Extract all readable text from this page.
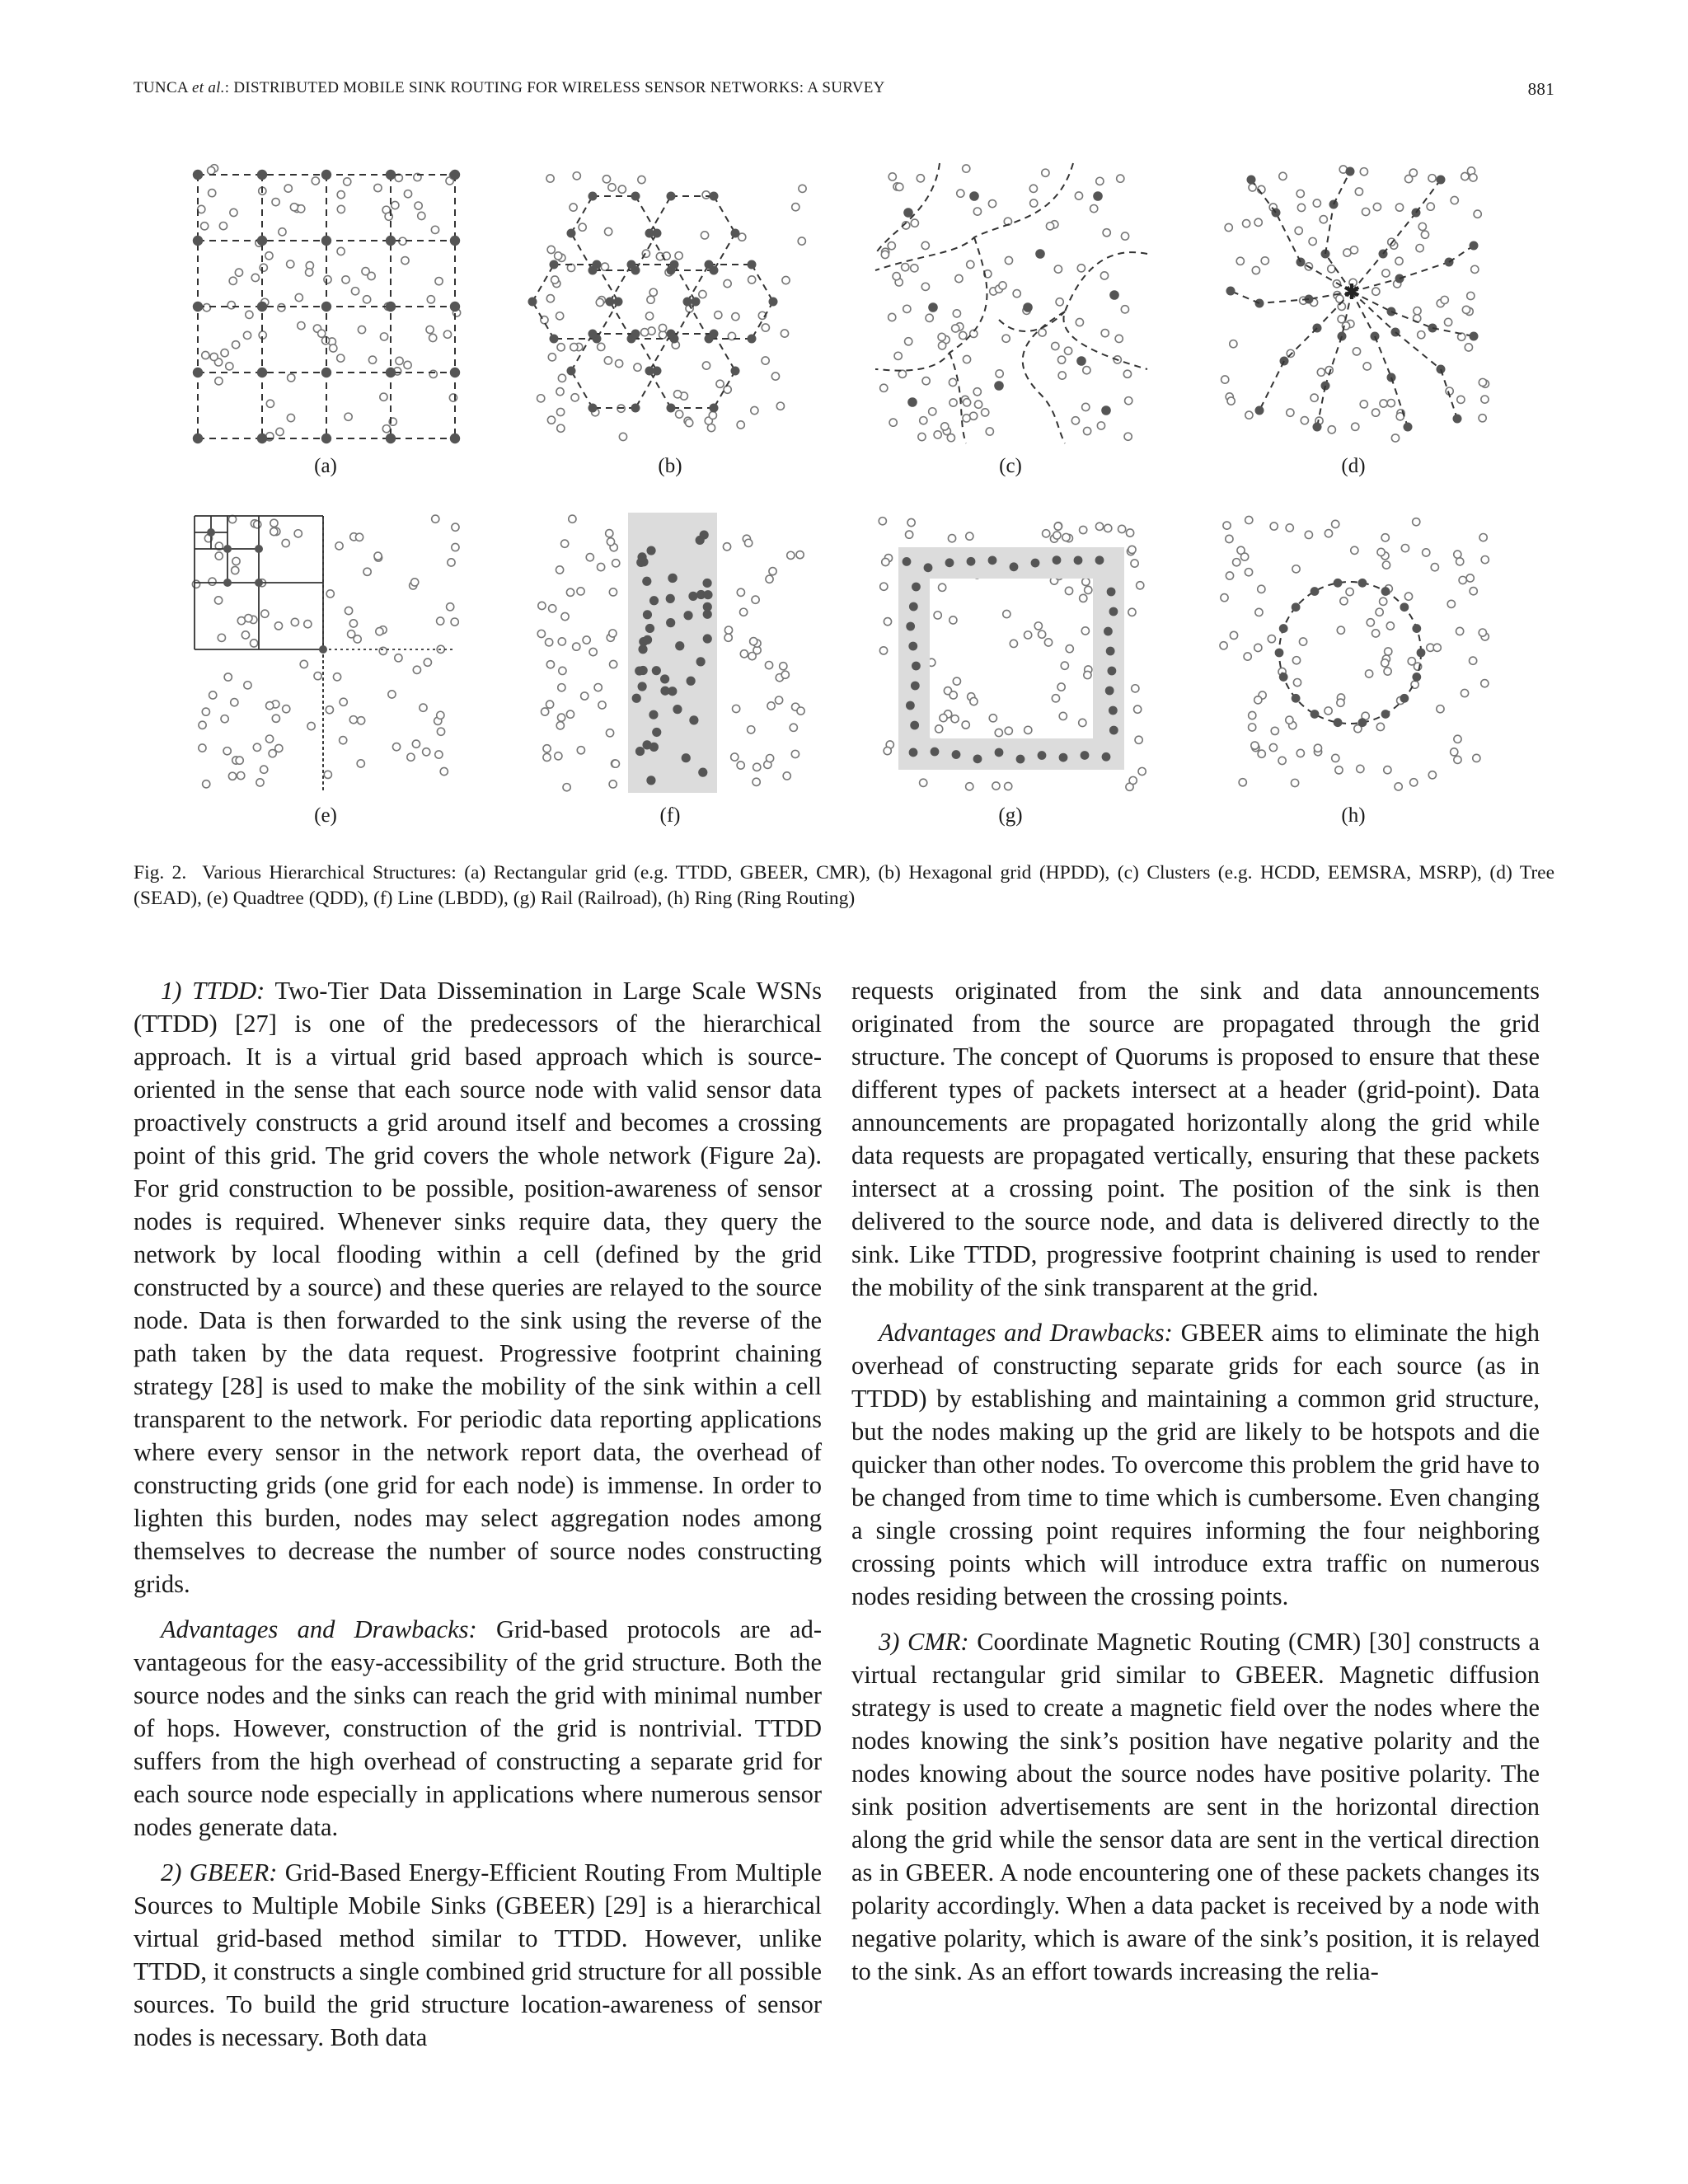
TUNCA et al.: DISTRIBUTED MOBILE SINK ROUTING FOR WIRELESS SENSOR NETWORKS: A SURVEY	881
✱
(a)	(b)	(c)	(d)
(e)	(f)	(g)	(h)
Fig. 2. Various Hierarchical Structures: (a) Rectangular grid (e.g. TTDD, GBEER, CMR), (b) Hexagonal grid (HPDD), (c) Clusters (e.g. HCDD, EEMSRA, MSRP), (d) Tree (SEAD), (e) Quadtree (QDD), (f) Line (LBDD), (g) Rail (Railroad), (h) Ring (Ring Routing)

1) TTDD: Two-Tier Data Dissemination in Large Scale WSNs (TTDD) [27] is one of the predecessors of the hierarchical approach. It is a virtual grid based approach which is source-oriented in the sense that each source node with valid sensor data proactively constructs a grid around itself and becomes a crossing point of this grid. The grid covers the whole network (Figure 2a). For grid construction to be possible, position-awareness of sensor nodes is required. Whenever sinks require data, they query the network by local flooding within a cell (defined by the grid constructed by a source) and these queries are relayed to the source node. Data is then forwarded to the sink using the reverse of the path taken by the data request. Progressive footprint chaining strategy [28] is used to make the mobility of the sink within a cell transparent to the network. For periodic data reporting applications where every sensor in the network report data, the overhead of constructing grids (one grid for each node) is immense. In order to lighten this burden, nodes may select aggregation nodes among themselves to decrease the number of source nodes constructing grids.

Advantages and Drawbacks: Grid-based protocols are advantageous for the easy-accessibility of the grid structure. Both the source nodes and the sinks can reach the grid with minimal number of hops. However, construction of the grid is nontrivial. TTDD suffers from the high overhead of constructing a separate grid for each source node especially in applications where numerous sensor nodes generate data.

2) GBEER: Grid-Based Energy-Efficient Routing From Multiple Sources to Multiple Mobile Sinks (GBEER) [29] is a hierarchical virtual grid-based method similar to TTDD. However, unlike TTDD, it constructs a single combined grid structure for all possible sources. To build the grid structure location-awareness of sensor nodes is necessary. Both data

requests originated from the sink and data announcements originated from the source are propagated through the grid structure. The concept of Quorums is proposed to ensure that these different types of packets intersect at a header (grid-point). Data announcements are propagated horizontally along the grid while data requests are propagated vertically, ensuring that these packets intersect at a crossing point. The position of the sink is then delivered to the source node, and data is delivered directly to the sink. Like TTDD, progressive footprint chaining is used to render the mobility of the sink transparent at the grid.

Advantages and Drawbacks: GBEER aims to eliminate the high overhead of constructing separate grids for each source (as in TTDD) by establishing and maintaining a common grid structure, but the nodes making up the grid are likely to be hotspots and die quicker than other nodes. To overcome this problem the grid have to be changed from time to time which is cumbersome. Even changing a single crossing point requires informing the four neighboring crossing points which will introduce extra traffic on numerous nodes residing between the crossing points.

3) CMR: Coordinate Magnetic Routing (CMR) [30] constructs a virtual rectangular grid similar to GBEER. Magnetic diffusion strategy is used to create a magnetic field over the nodes where the nodes knowing the sink’s position have negative polarity and the nodes knowing about the source nodes have positive polarity. The sink position advertisements are sent in the horizontal direction along the grid while the sensor data are sent in the vertical direction as in GBEER. A node encountering one of these packets changes its polarity accordingly. When a data packet is received by a node with negative polarity, which is aware of the sink’s position, it is relayed to the sink. As an effort towards increasing the relia-
